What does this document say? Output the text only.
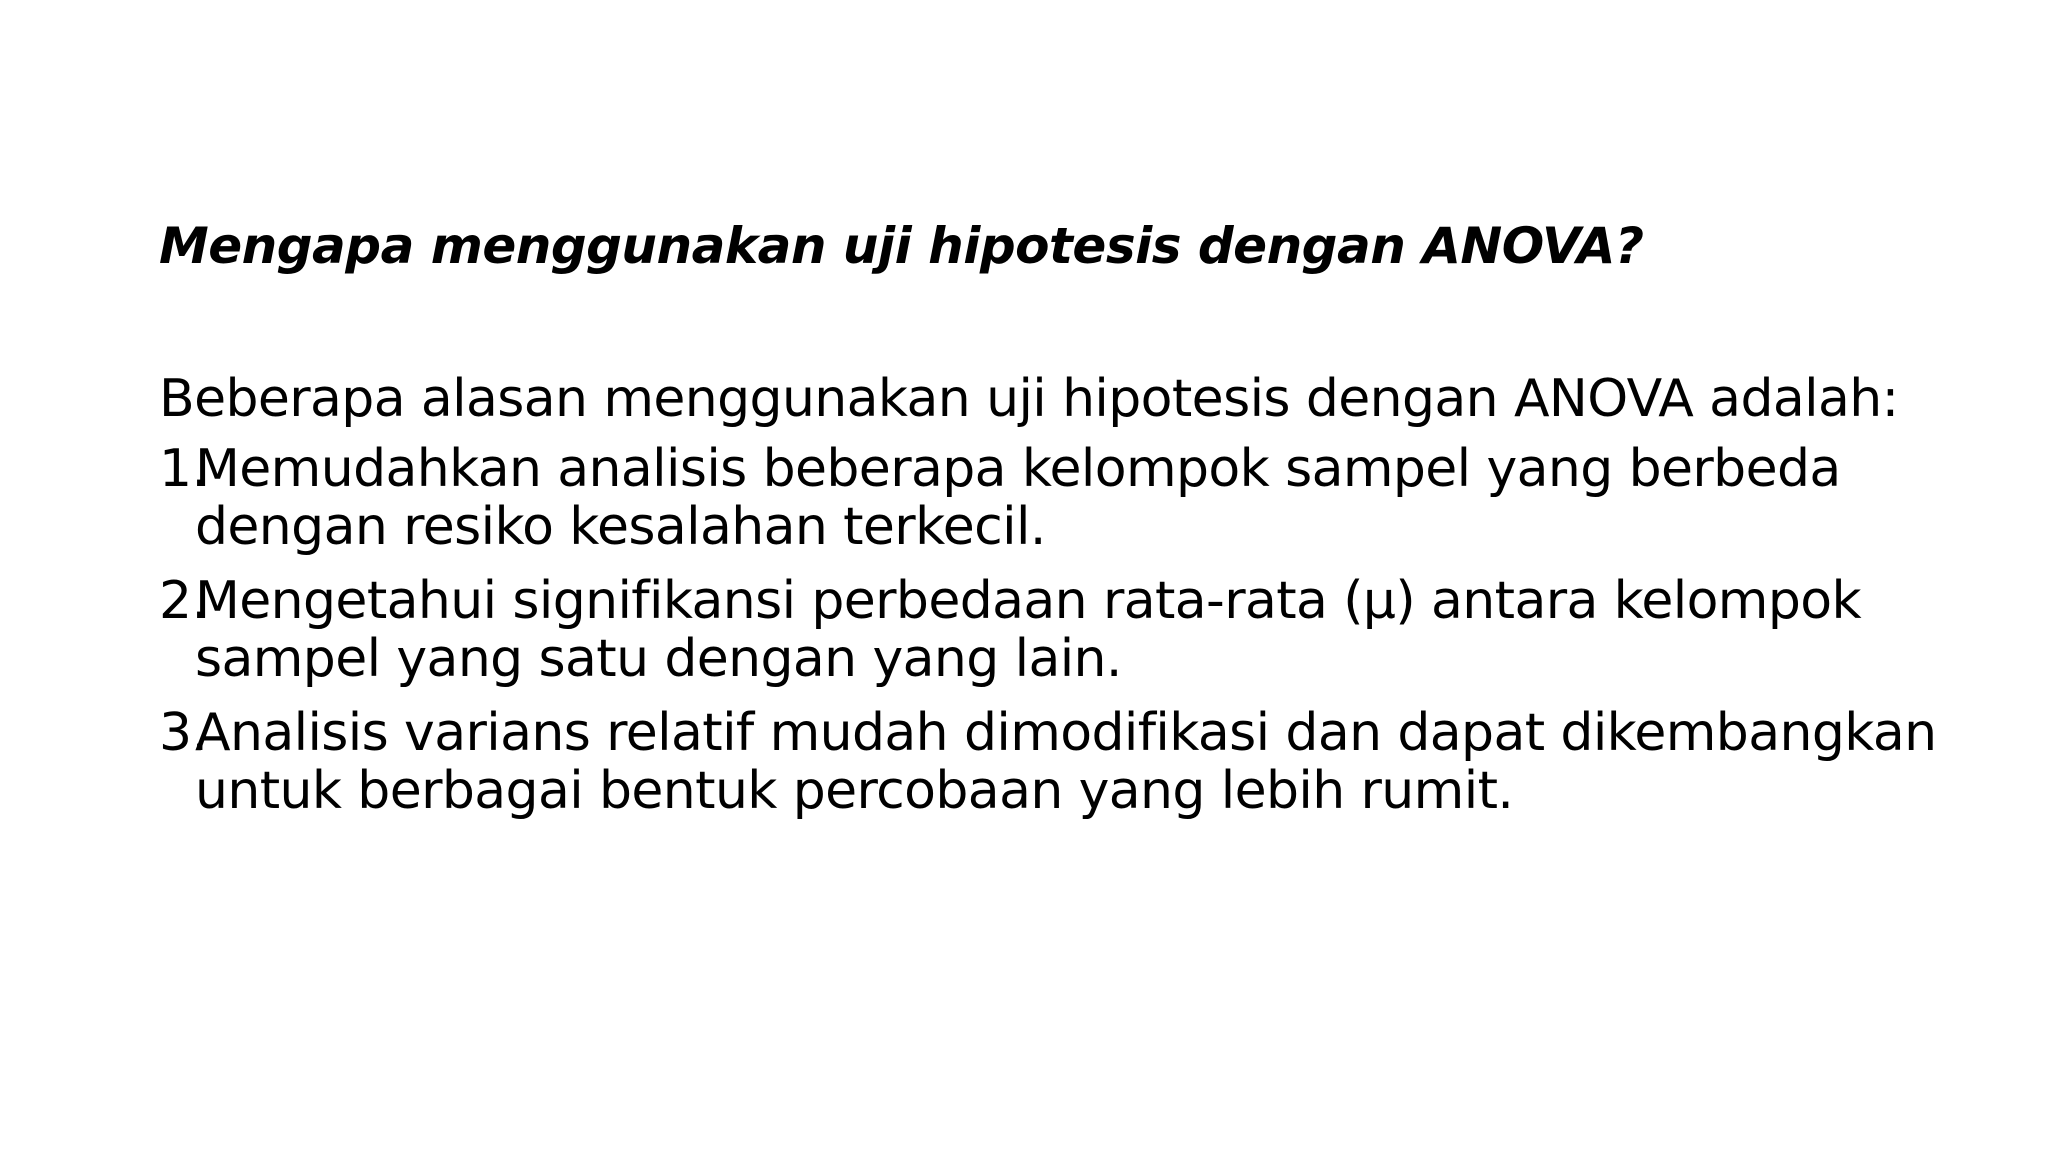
Mengapa menggunakan uji hipotesis dengan ANOVA?

Beberapa alasan menggunakan uji hipotesis dengan ANOVA adalah:

1.
Memudahkan analisis beberapa kelompok sampel yang berbeda
dengan resiko kesalahan terkecil.
2.
Mengetahui signifikansi perbedaan rata-rata (μ) antara kelompok
sampel yang satu dengan yang lain.
3.
Analisis varians relatif mudah dimodifikasi dan dapat dikembangkan
untuk berbagai bentuk percobaan yang lebih rumit.
